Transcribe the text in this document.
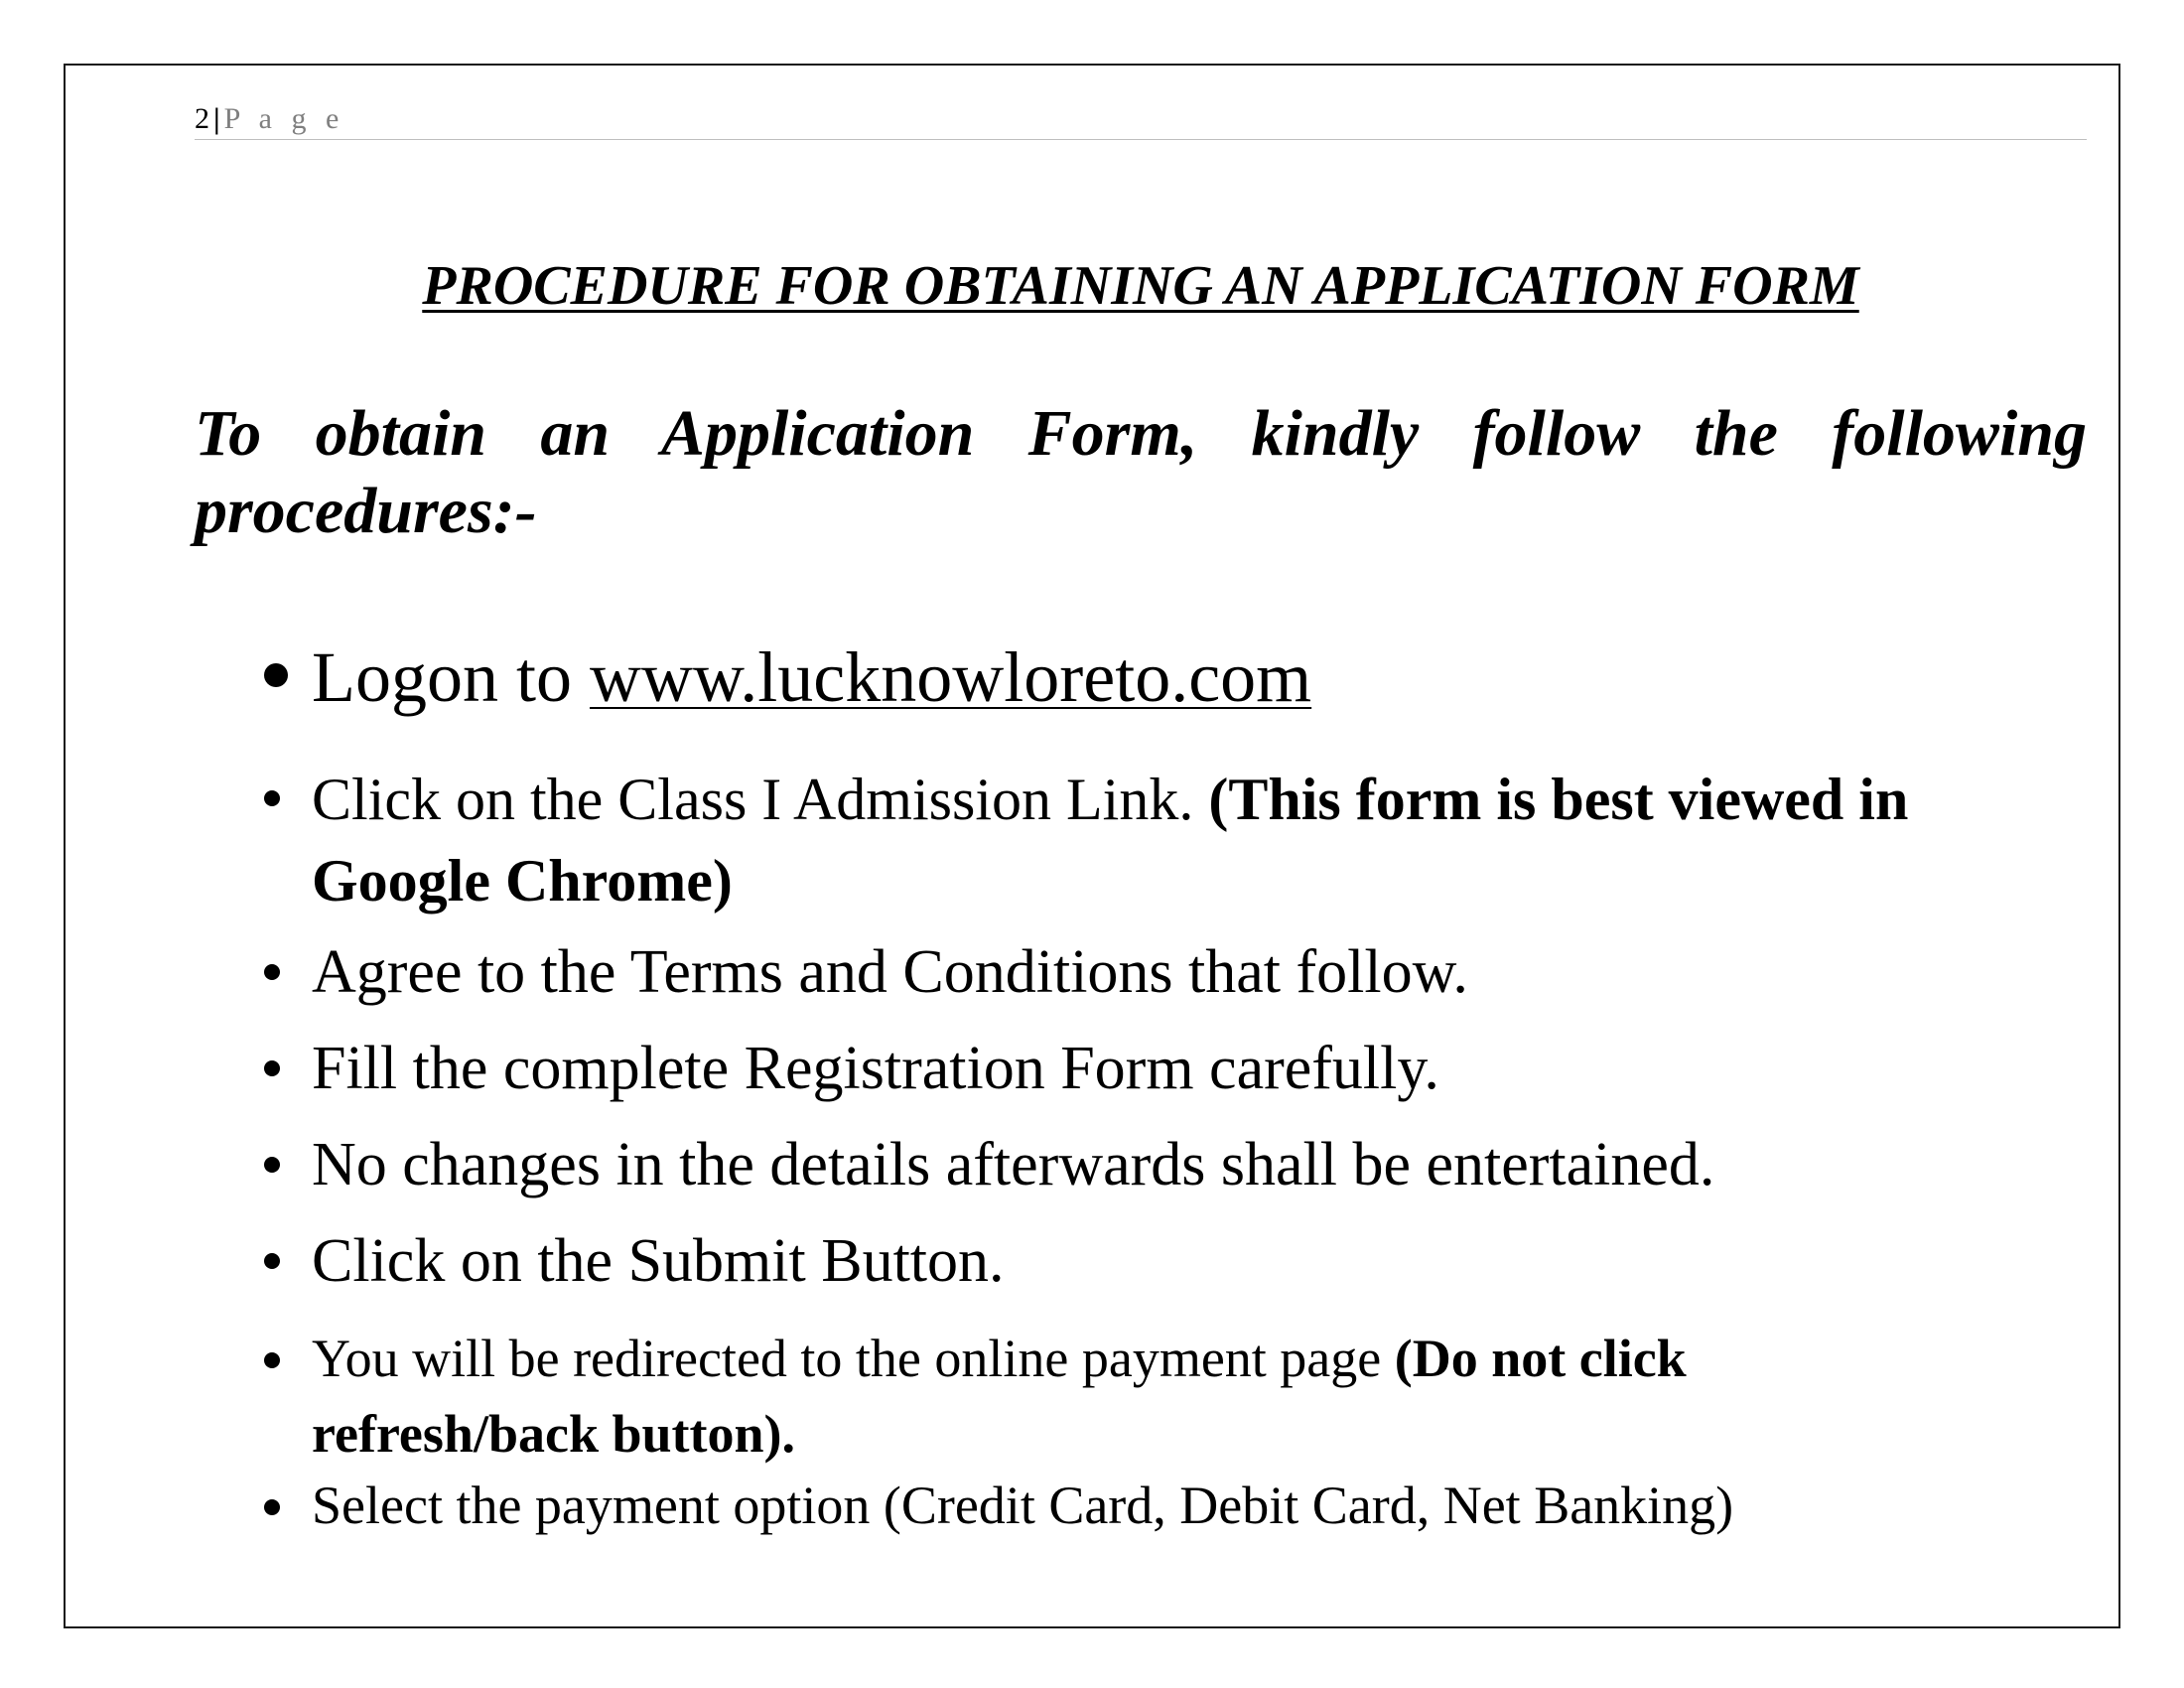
2 | P a g e
PROCEDURE FOR OBTAINING AN APPLICATION FORM
To obtain an Application Form, kindly follow the following procedures:-
Logon to www.lucknowloreto.com
Click on the Class I Admission Link. (This form is best viewed in Google Chrome)
Agree to the Terms and Conditions that follow.
Fill the complete Registration Form carefully.
No changes in the details afterwards shall be entertained.
Click on the Submit Button.
You will be redirected to the online payment page (Do not click refresh/back button).
Select the payment option (Credit Card, Debit Card, Net Banking)
